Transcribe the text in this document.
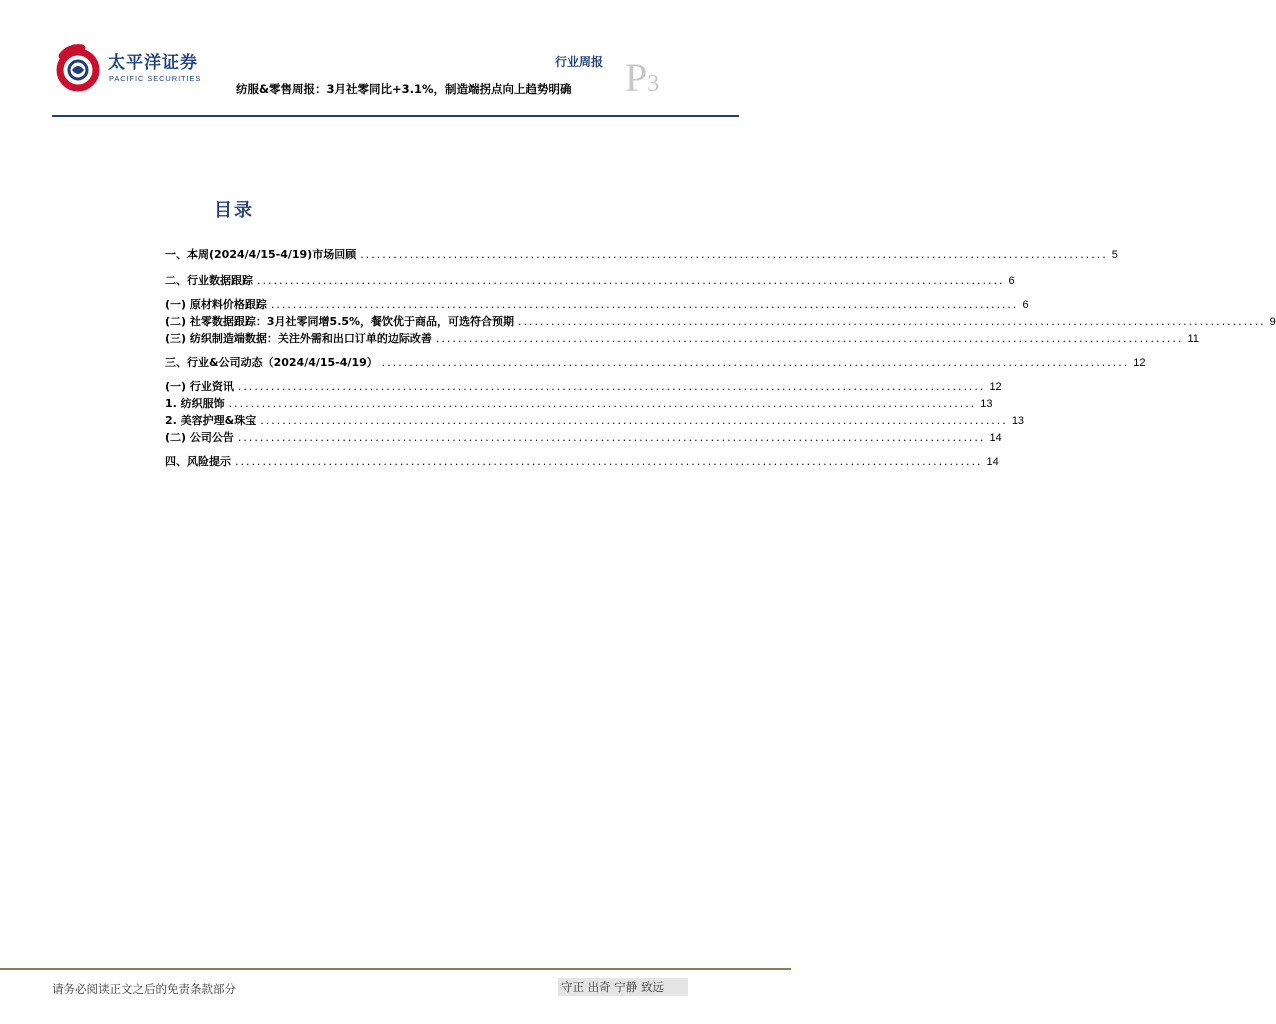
太平洋证券
PACIFIC SECURITIES
行业周报 P3
纺服&零售周报：3月社零同比+3.1%，制造端拐点向上趋势明确
目录
一、 本周(2024/4/15-4/19)市场回顾 ........................................................................................................................................ 5
二、 行业数据跟踪 ........................................................................................................................................ 6
(一) 原材料价格跟踪 ........................................................................................................................................ 6
(二) 社零数据跟踪：3月社零同增5.5%，餐饮优于商品，可选符合预期 ........................................................................................................................................ 9
(三) 纺织制造端数据：关注外需和出口订单的边际改善 ........................................................................................................................................ 11
三、 行业&公司动态（2024/4/15-4/19） ........................................................................................................................................ 12
(一) 行业资讯 ........................................................................................................................................ 12
1. 纺织服饰 ........................................................................................................................................ 13
2. 美容护理&珠宝 ........................................................................................................................................ 13
(二) 公司公告 ........................................................................................................................................ 14
四、 风险提示 ........................................................................................................................................ 14
请务必阅读正文之后的免责条款部分	守正 出奇 宁静 致远
